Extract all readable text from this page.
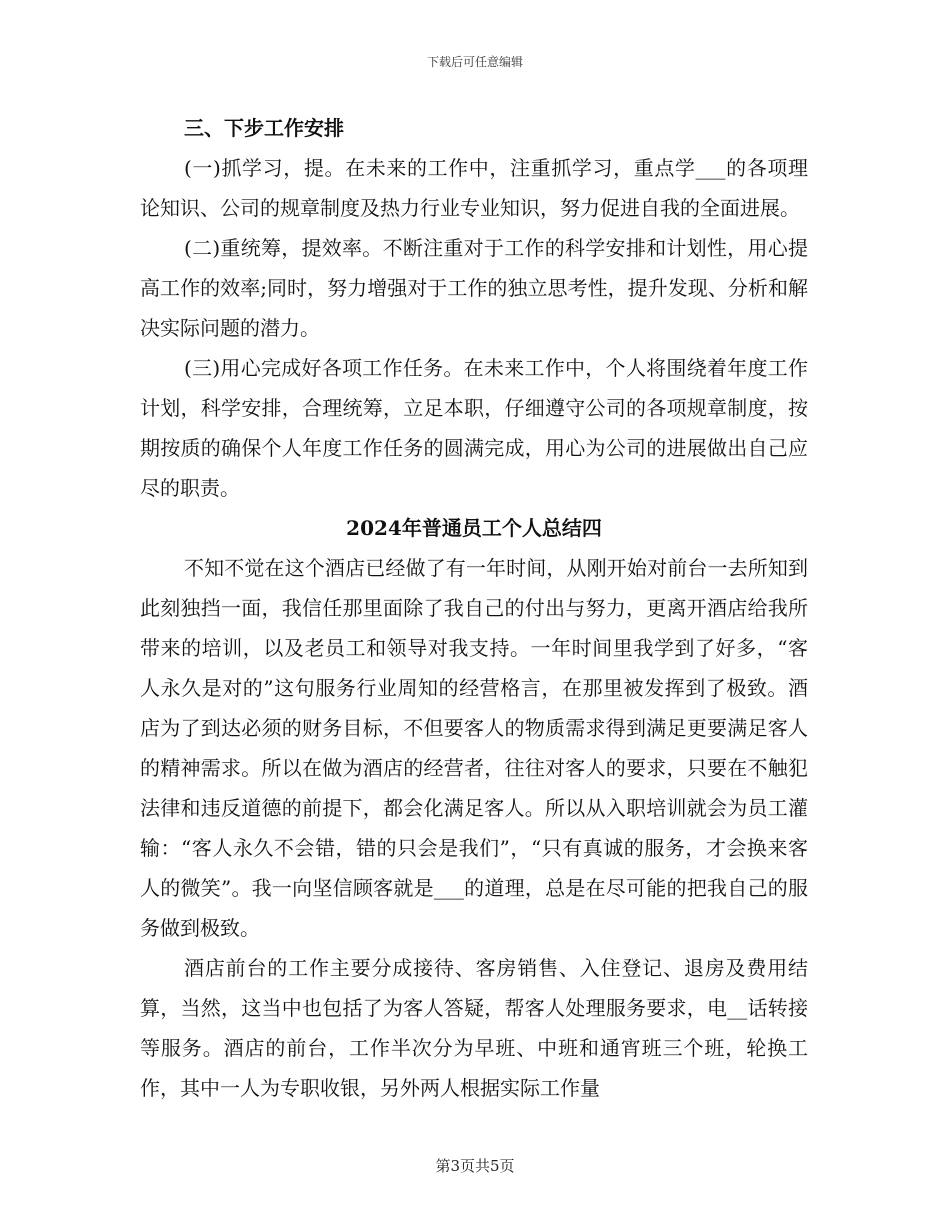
下载后可任意编辑
三、下步工作安排

(一)抓学习，提。在未来的工作中，注重抓学习，重点学___的各项理论知识、公司的规章制度及热力行业专业知识，努力促进自我的全面进展。

(二)重统筹，提效率。不断注重对于工作的科学安排和计划性，用心提高工作的效率;同时，努力增强对于工作的独立思考性，提升发现、分析和解决实际问题的潜力。

(三)用心完成好各项工作任务。在未来工作中，个人将围绕着年度工作计划，科学安排，合理统筹，立足本职，仔细遵守公司的各项规章制度，按期按质的确保个人年度工作任务的圆满完成，用心为公司的进展做出自己应尽的职责。

2024年普通员工个人总结四

不知不觉在这个酒店已经做了有一年时间，从刚开始对前台一去所知到此刻独挡一面，我信任那里面除了我自己的付出与努力，更离开酒店给我所带来的培训，以及老员工和领导对我支持。一年时间里我学到了好多，“客人永久是对的”这句服务行业周知的经营格言，在那里被发挥到了极致。酒店为了到达必须的财务目标，不但要客人的物质需求得到满足更要满足客人的精神需求。所以在做为酒店的经营者，往往对客人的要求，只要在不触犯法律和违反道德的前提下，都会化满足客人。所以从入职培训就会为员工灌输：“客人永久不会错，错的只会是我们”，“只有真诚的服务，才会换来客人的微笑”。我一向坚信顾客就是___的道理，总是在尽可能的把我自己的服务做到极致。

酒店前台的工作主要分成接待、客房销售、入住登记、退房及费用结算，当然，这当中也包括了为客人答疑，帮客人处理服务要求，电__话转接等服务。酒店的前台，工作半次分为早班、中班和通宵班三个班，轮换工作，其中一人为专职收银，另外两人根据实际工作量

第3页共5页
